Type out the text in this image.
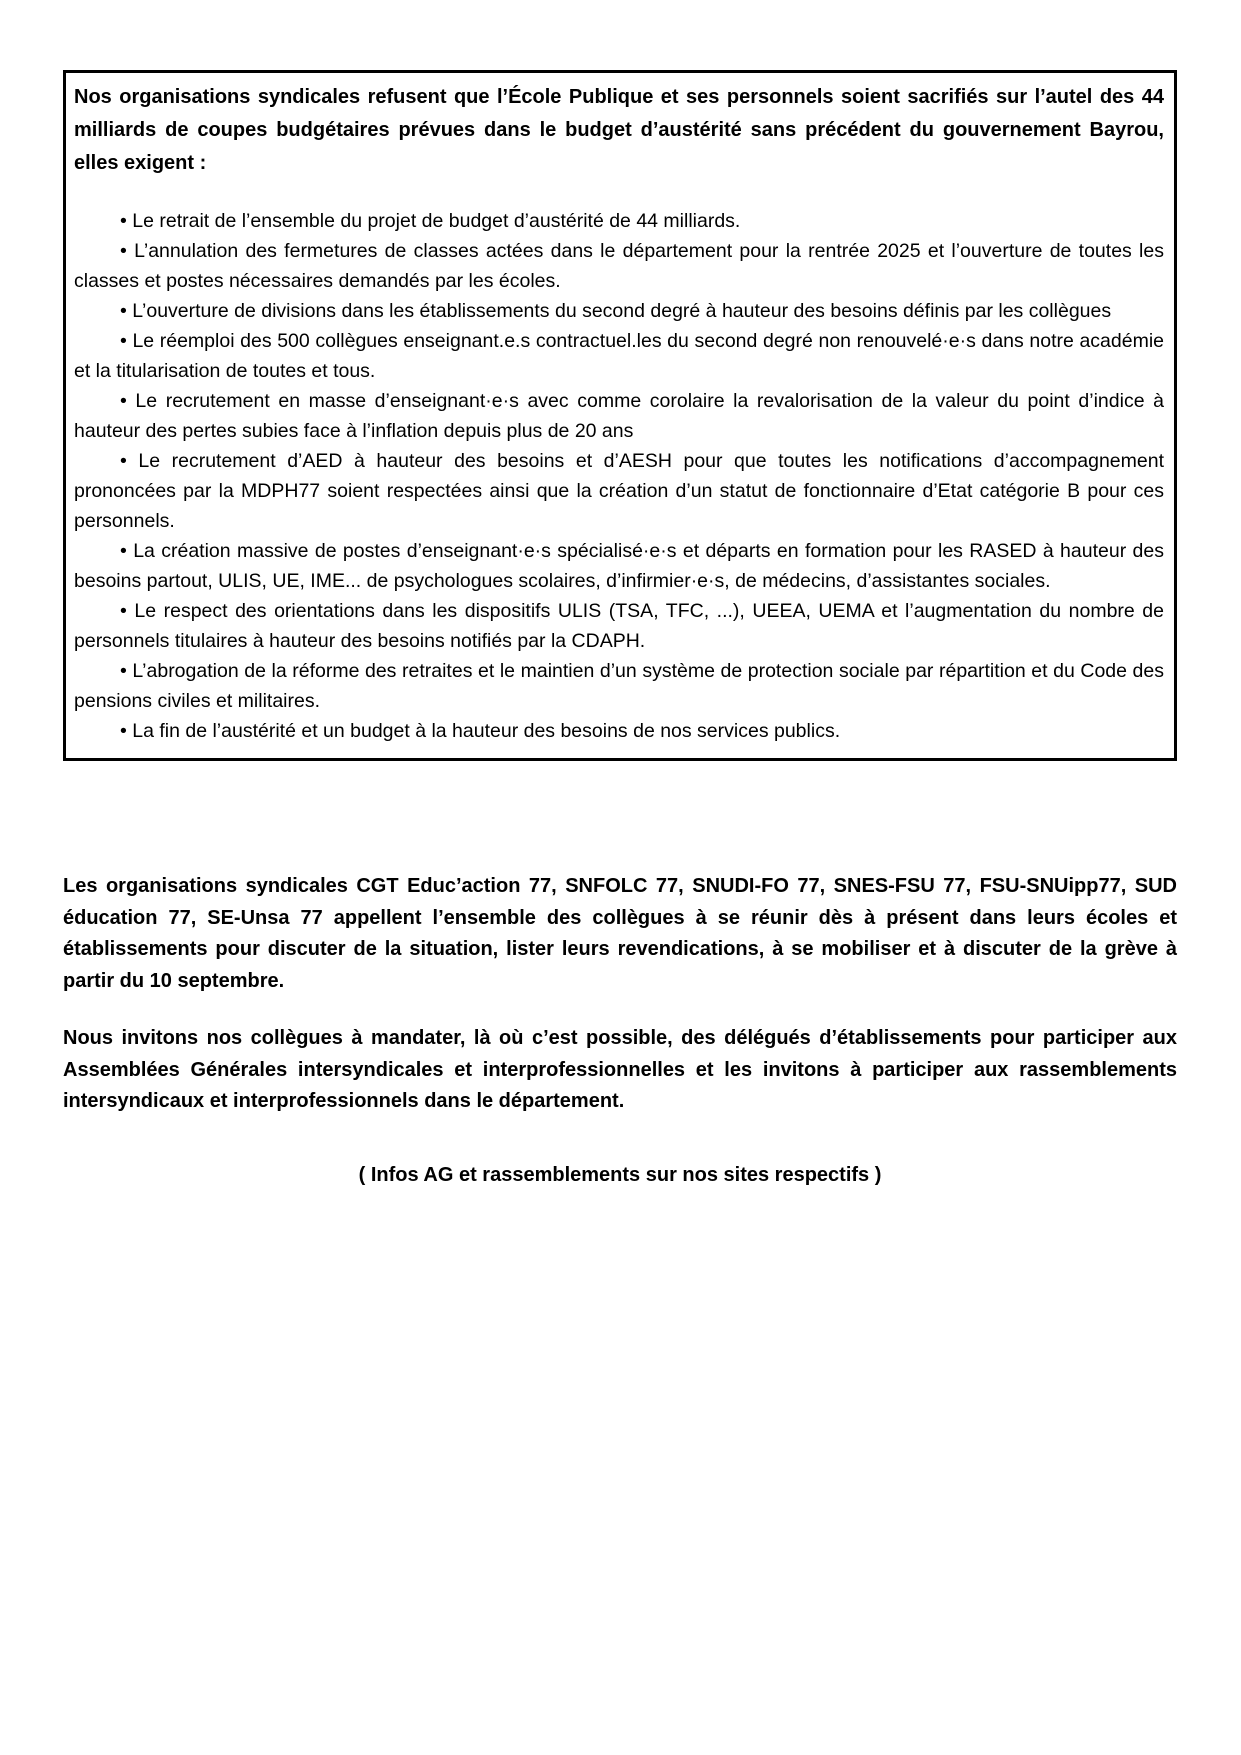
Nos organisations syndicales refusent que l’École Publique et ses personnels soient sacrifiés sur l’autel des 44 milliards de coupes budgétaires prévues dans le budget d’austérité sans précédent du gouvernement Bayrou, elles exigent :

• Le retrait de l’ensemble du projet de budget d’austérité de 44 milliards.

• L’annulation des fermetures de classes actées dans le département pour la rentrée 2025 et l’ouverture de toutes les classes et postes nécessaires demandés par les écoles.

• L’ouverture de divisions dans les établissements du second degré à hauteur des besoins définis par les collègues

• Le réemploi des 500 collègues enseignant.e.s contractuel.les du second degré non renouvelé·e·s dans notre académie et la titularisation de toutes et tous.

• Le recrutement en masse d’enseignant·e·s avec comme corolaire la revalorisation de la valeur du point d’indice à hauteur des pertes subies face à l’inflation depuis plus de 20 ans

• Le recrutement d’AED à hauteur des besoins et d’AESH pour que toutes les notifications d’accompagnement prononcées par la MDPH77 soient respectées ainsi que la création d’un statut de fonctionnaire d’Etat catégorie B pour ces personnels.

• La création massive de postes d’enseignant·e·s spécialisé·e·s et départs en formation pour les RASED à hauteur des besoins partout, ULIS, UE, IME... de psychologues scolaires, d’infirmier·e·s, de médecins, d’assistantes sociales.

• Le respect des orientations dans les dispositifs ULIS (TSA, TFC, ...), UEEA, UEMA et l’augmentation du nombre de personnels titulaires à hauteur des besoins notifiés par la CDAPH.

• L’abrogation de la réforme des retraites et le maintien d’un système de protection sociale par répartition et du Code des pensions civiles et militaires.

• La fin de l’austérité et un budget à la hauteur des besoins de nos services publics.

Les organisations syndicales CGT Educ’action 77, SNFOLC 77, SNUDI-FO 77, SNES-FSU 77, FSU-SNUipp77, SUD éducation 77, SE-Unsa 77 appellent l’ensemble des collègues à se réunir dès à présent dans leurs écoles et établissements pour discuter de la situation, lister leurs revendications, à se mobiliser et à discuter de la grève à partir du 10 septembre.

Nous invitons nos collègues à mandater, là où c’est possible, des délégués d’établissements pour participer aux Assemblées Générales intersyndicales et interprofessionnelles et les invitons à participer aux rassemblements intersyndicaux et interprofessionnels dans le département.

( Infos AG et rassemblements sur nos sites respectifs )
